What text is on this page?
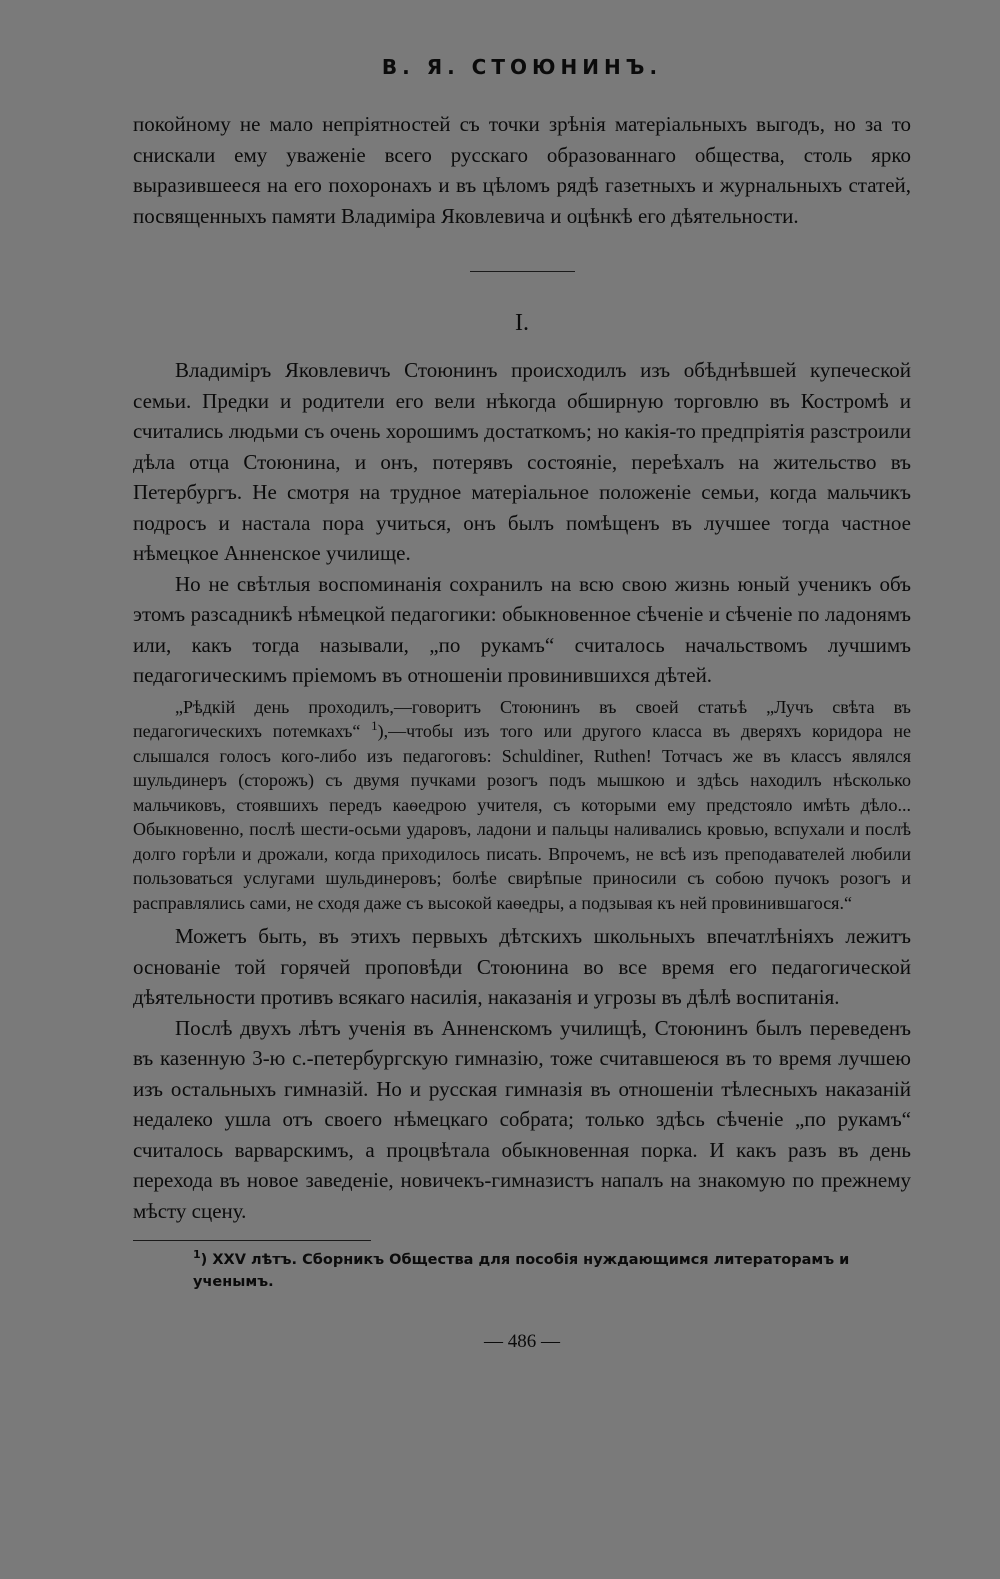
В. Я. СТОЮНИНЪ.

покойному не мало непріятностей съ точки зрѣнія матеріальныхъ выгодъ, но за то снискали ему уваженіе всего русскаго образованнаго общества, столь ярко выразившееся на его похоронахъ и въ цѣломъ рядѣ газетныхъ и журнальныхъ статей, посвященныхъ памяти Владиміра Яковлевича и оцѣнкѣ его дѣятельности.

I.

Владиміръ Яковлевичъ Стоюнинъ происходилъ изъ обѣднѣвшей купеческой семьи. Предки и родители его вели нѣкогда обширную торговлю въ Костромѣ и считались людьми съ очень хорошимъ достаткомъ; но какія-то предпріятія разстроили дѣла отца Стоюнина, и онъ, потерявъ состояніе, переѣхалъ на жительство въ Петербургъ. Не смотря на трудное матеріальное положеніе семьи, когда мальчикъ подросъ и настала пора учиться, онъ былъ помѣщенъ въ лучшее тогда частное нѣмецкое Анненское училище.

Но не свѣтлыя воспоминанія сохранилъ на всю свою жизнь юный ученикъ объ этомъ разсадникѣ нѣмецкой педагогики: обыкновенное сѣченіе и сѣченіе по ладонямъ или, какъ тогда называли, „по рукамъ“ считалось начальствомъ лучшимъ педагогическимъ пріемомъ въ отношеніи провинившихся дѣтей.

„Рѣдкій день проходилъ,—говоритъ Стоюнинъ въ своей статьѣ „Лучъ свѣта въ педагогическихъ потемкахъ“ $^1$),—чтобы изъ того или другого класса въ дверяхъ коридора не слышался голосъ кого-либо изъ педагоговъ: Schuldiner, Ruthen! Тотчасъ же въ классъ являлся шульдинеръ (сторожъ) съ двумя пучками розогъ подъ мышкою и здѣсь находилъ нѣсколько мальчиковъ, стоявшихъ передъ каѳедрою учителя, съ которыми ему предстояло имѣть дѣло... Обыкновенно, послѣ шести-осьми ударовъ, ладони и пальцы наливались кровью, вспухали и послѣ долго горѣли и дрожали, когда приходилось писать. Впрочемъ, не всѣ изъ преподавателей любили пользоваться услугами шульдинеровъ; болѣе свирѣпые приносили съ собою пучокъ розогъ и расправлялись сами, не сходя даже съ высокой каѳедры, а подзывая къ ней провинившагося.“

Можетъ быть, въ этихъ первыхъ дѣтскихъ школьныхъ впечатлѣніяхъ лежитъ основаніе той горячей проповѣди Стоюнина во все время его педагогической дѣятельности противъ всякаго насилія, наказанія и угрозы въ дѣлѣ воспитанія.

Послѣ двухъ лѣтъ ученія въ Анненскомъ училищѣ, Стоюнинъ былъ переведенъ въ казенную 3-ю с.-петербургскую гимназію, тоже считавшеюся въ то время лучшею изъ остальныхъ гимназій. Но и русская гимназія въ отношеніи тѣлесныхъ наказаній недалеко ушла отъ своего нѣмецкаго собрата; только здѣсь сѣченіе „по рукамъ“ считалось варварскимъ, а процвѣтала обыкновенная порка. И какъ разъ въ день перехода въ новое заведеніе, новичекъ-гимназистъ напалъ на знакомую по прежнему мѣсту сцену.

$^1$) XXV лѣтъ. Сборникъ Общества для пособія нуждающимся литераторамъ и ученымъ.

— 486 —
